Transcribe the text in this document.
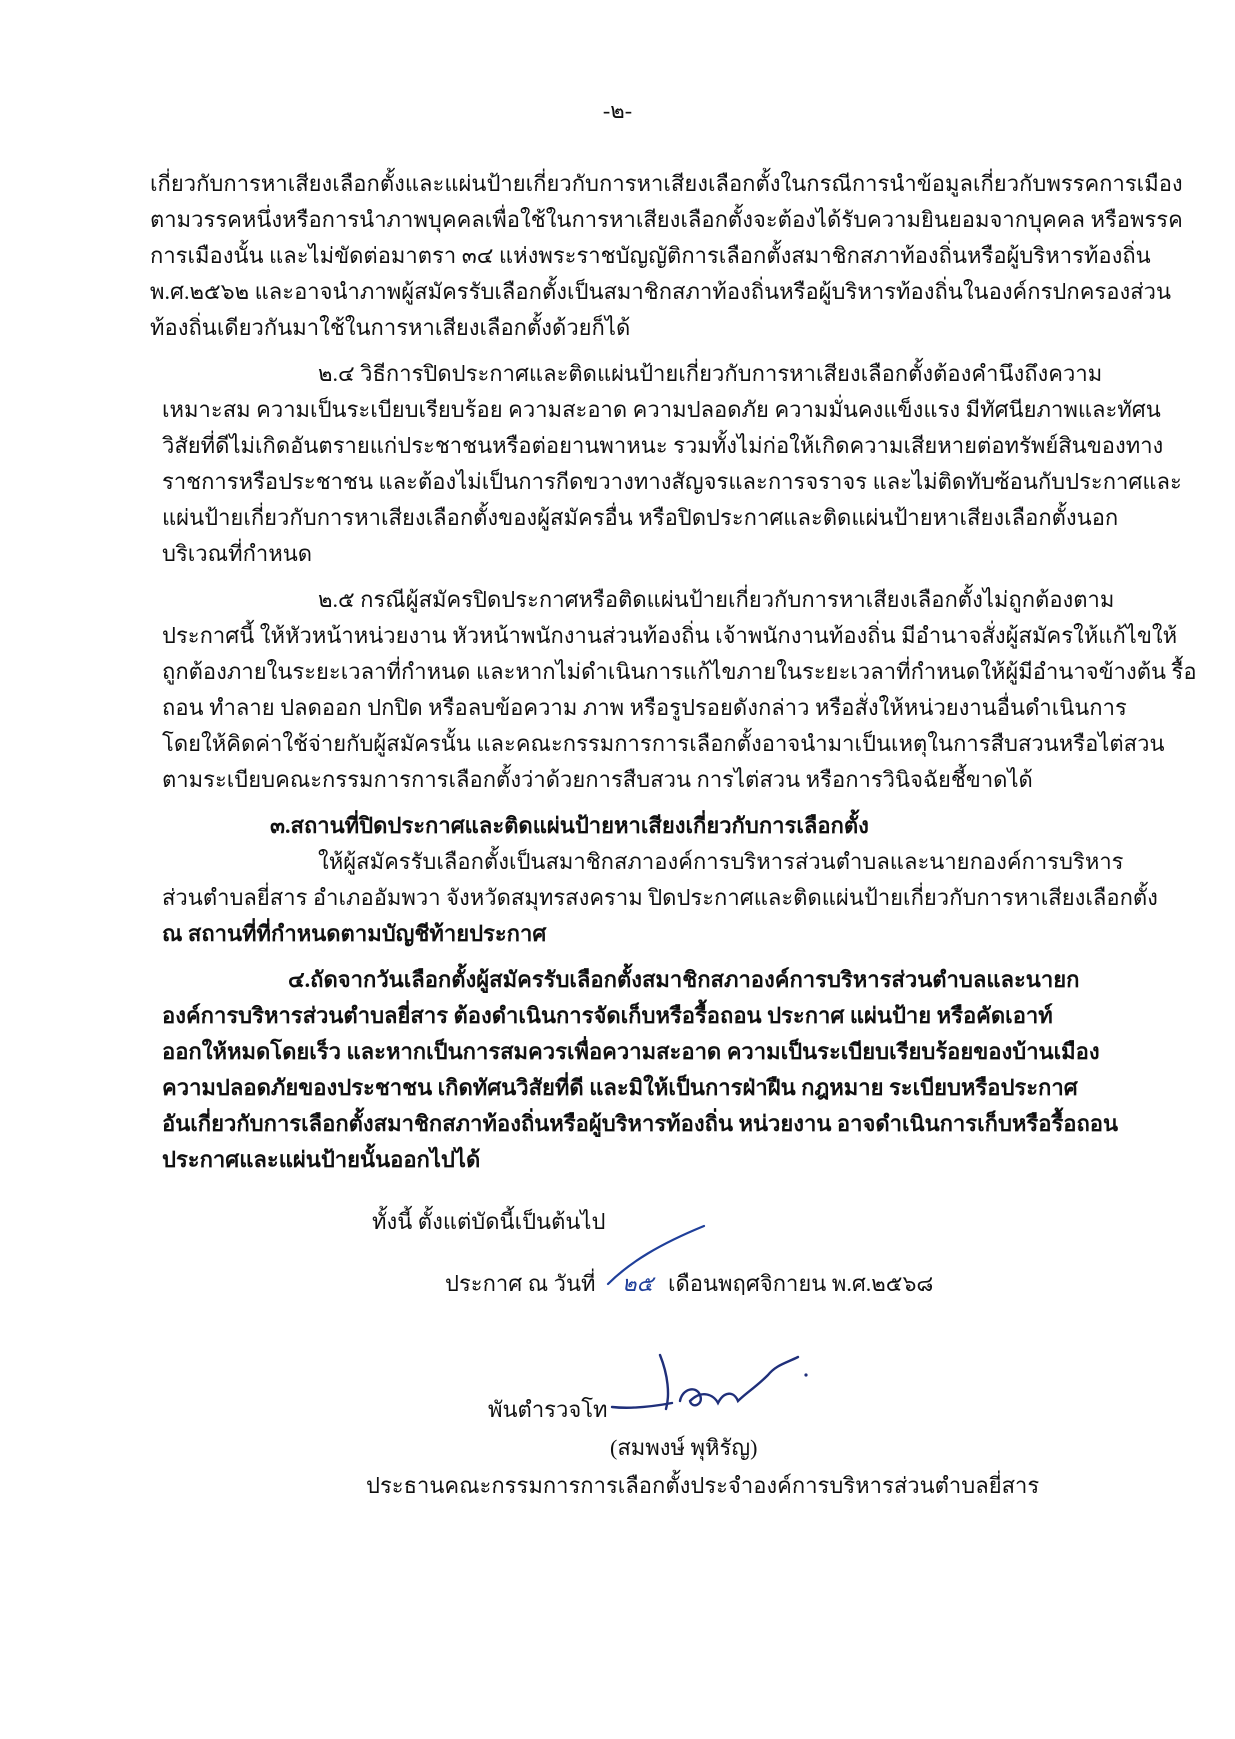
-๒-
เกี่ยวกับการหาเสียงเลือกตั้งและแผ่นป้ายเกี่ยวกับการหาเสียงเลือกตั้งในกรณีการนำข้อมูลเกี่ยวกับพรรคการเมือง
ตามวรรคหนึ่งหรือการนำภาพบุคคลเพื่อใช้ในการหาเสียงเลือกตั้งจะต้องได้รับความยินยอมจากบุคคล หรือพรรค
การเมืองนั้น และไม่ขัดต่อมาตรา ๓๔ แห่งพระราชบัญญัติการเลือกตั้งสมาชิกสภาท้องถิ่นหรือผู้บริหารท้องถิ่น
พ.ศ.๒๕๖๒ และอาจนำภาพผู้สมัครรับเลือกตั้งเป็นสมาชิกสภาท้องถิ่นหรือผู้บริหารท้องถิ่นในองค์กรปกครองส่วน
ท้องถิ่นเดียวกันมาใช้ในการหาเสียงเลือกตั้งด้วยก็ได้
๒.๔ วิธีการปิดประกาศและติดแผ่นป้ายเกี่ยวกับการหาเสียงเลือกตั้งต้องคำนึงถึงความ
เหมาะสม ความเป็นระเบียบเรียบร้อย ความสะอาด ความปลอดภัย ความมั่นคงแข็งแรง มีทัศนียภาพและทัศน
วิสัยที่ดีไม่เกิดอันตรายแก่ประชาชนหรือต่อยานพาหนะ รวมทั้งไม่ก่อให้เกิดความเสียหายต่อทรัพย์สินของทาง
ราชการหรือประชาชน และต้องไม่เป็นการกีดขวางทางสัญจรและการจราจร และไม่ติดทับซ้อนกับประกาศและ
แผ่นป้ายเกี่ยวกับการหาเสียงเลือกตั้งของผู้สมัครอื่น หรือปิดประกาศและติดแผ่นป้ายหาเสียงเลือกตั้งนอก
บริเวณที่กำหนด
๒.๕ กรณีผู้สมัครปิดประกาศหรือติดแผ่นป้ายเกี่ยวกับการหาเสียงเลือกตั้งไม่ถูกต้องตาม
ประกาศนี้ ให้หัวหน้าหน่วยงาน หัวหน้าพนักงานส่วนท้องถิ่น เจ้าพนักงานท้องถิ่น มีอำนาจสั่งผู้สมัครให้แก้ไขให้
ถูกต้องภายในระยะเวลาที่กำหนด และหากไม่ดำเนินการแก้ไขภายในระยะเวลาที่กำหนดให้ผู้มีอำนาจข้างต้น รื้อ
ถอน ทำลาย ปลดออก ปกปิด หรือลบข้อความ ภาพ หรือรูปรอยดังกล่าว หรือสั่งให้หน่วยงานอื่นดำเนินการ
โดยให้คิดค่าใช้จ่ายกับผู้สมัครนั้น และคณะกรรมการการเลือกตั้งอาจนำมาเป็นเหตุในการสืบสวนหรือไต่สวน
ตามระเบียบคณะกรรมการการเลือกตั้งว่าด้วยการสืบสวน การไต่สวน หรือการวินิจฉัยชี้ขาดได้
๓.สถานที่ปิดประกาศและติดแผ่นป้ายหาเสียงเกี่ยวกับการเลือกตั้ง
ให้ผู้สมัครรับเลือกตั้งเป็นสมาชิกสภาองค์การบริหารส่วนตำบลและนายกองค์การบริหาร
ส่วนตำบลยี่สาร อำเภออัมพวา จังหวัดสมุทรสงคราม ปิดประกาศและติดแผ่นป้ายเกี่ยวกับการหาเสียงเลือกตั้ง
ณ สถานที่ที่กำหนดตามบัญชีท้ายประกาศ
๔.ถัดจากวันเลือกตั้งผู้สมัครรับเลือกตั้งสมาชิกสภาองค์การบริหารส่วนตำบลและนายก
องค์การบริหารส่วนตำบลยี่สาร ต้องดำเนินการจัดเก็บหรือรื้อถอน ประกาศ แผ่นป้าย หรือคัดเอาท์
ออกให้หมดโดยเร็ว และหากเป็นการสมควรเพื่อความสะอาด ความเป็นระเบียบเรียบร้อยของบ้านเมือง
ความปลอดภัยของประชาชน เกิดทัศนวิสัยที่ดี และมิให้เป็นการฝ่าฝืน กฎหมาย ระเบียบหรือประกาศ
อันเกี่ยวกับการเลือกตั้งสมาชิกสภาท้องถิ่นหรือผู้บริหารท้องถิ่น หน่วยงาน อาจดำเนินการเก็บหรือรื้อถอน
ประกาศและแผ่นป้ายนั้นออกไปได้
ทั้งนี้ ตั้งแต่บัดนี้เป็นต้นไป
ประกาศ ณ วันที่ ๒๕ เดือนพฤศจิกายน พ.ศ.๒๕๖๘
พันตำรวจโท
(สมพงษ์ พุหิรัญ)
ประธานคณะกรรมการการเลือกตั้งประจำองค์การบริหารส่วนตำบลยี่สาร
